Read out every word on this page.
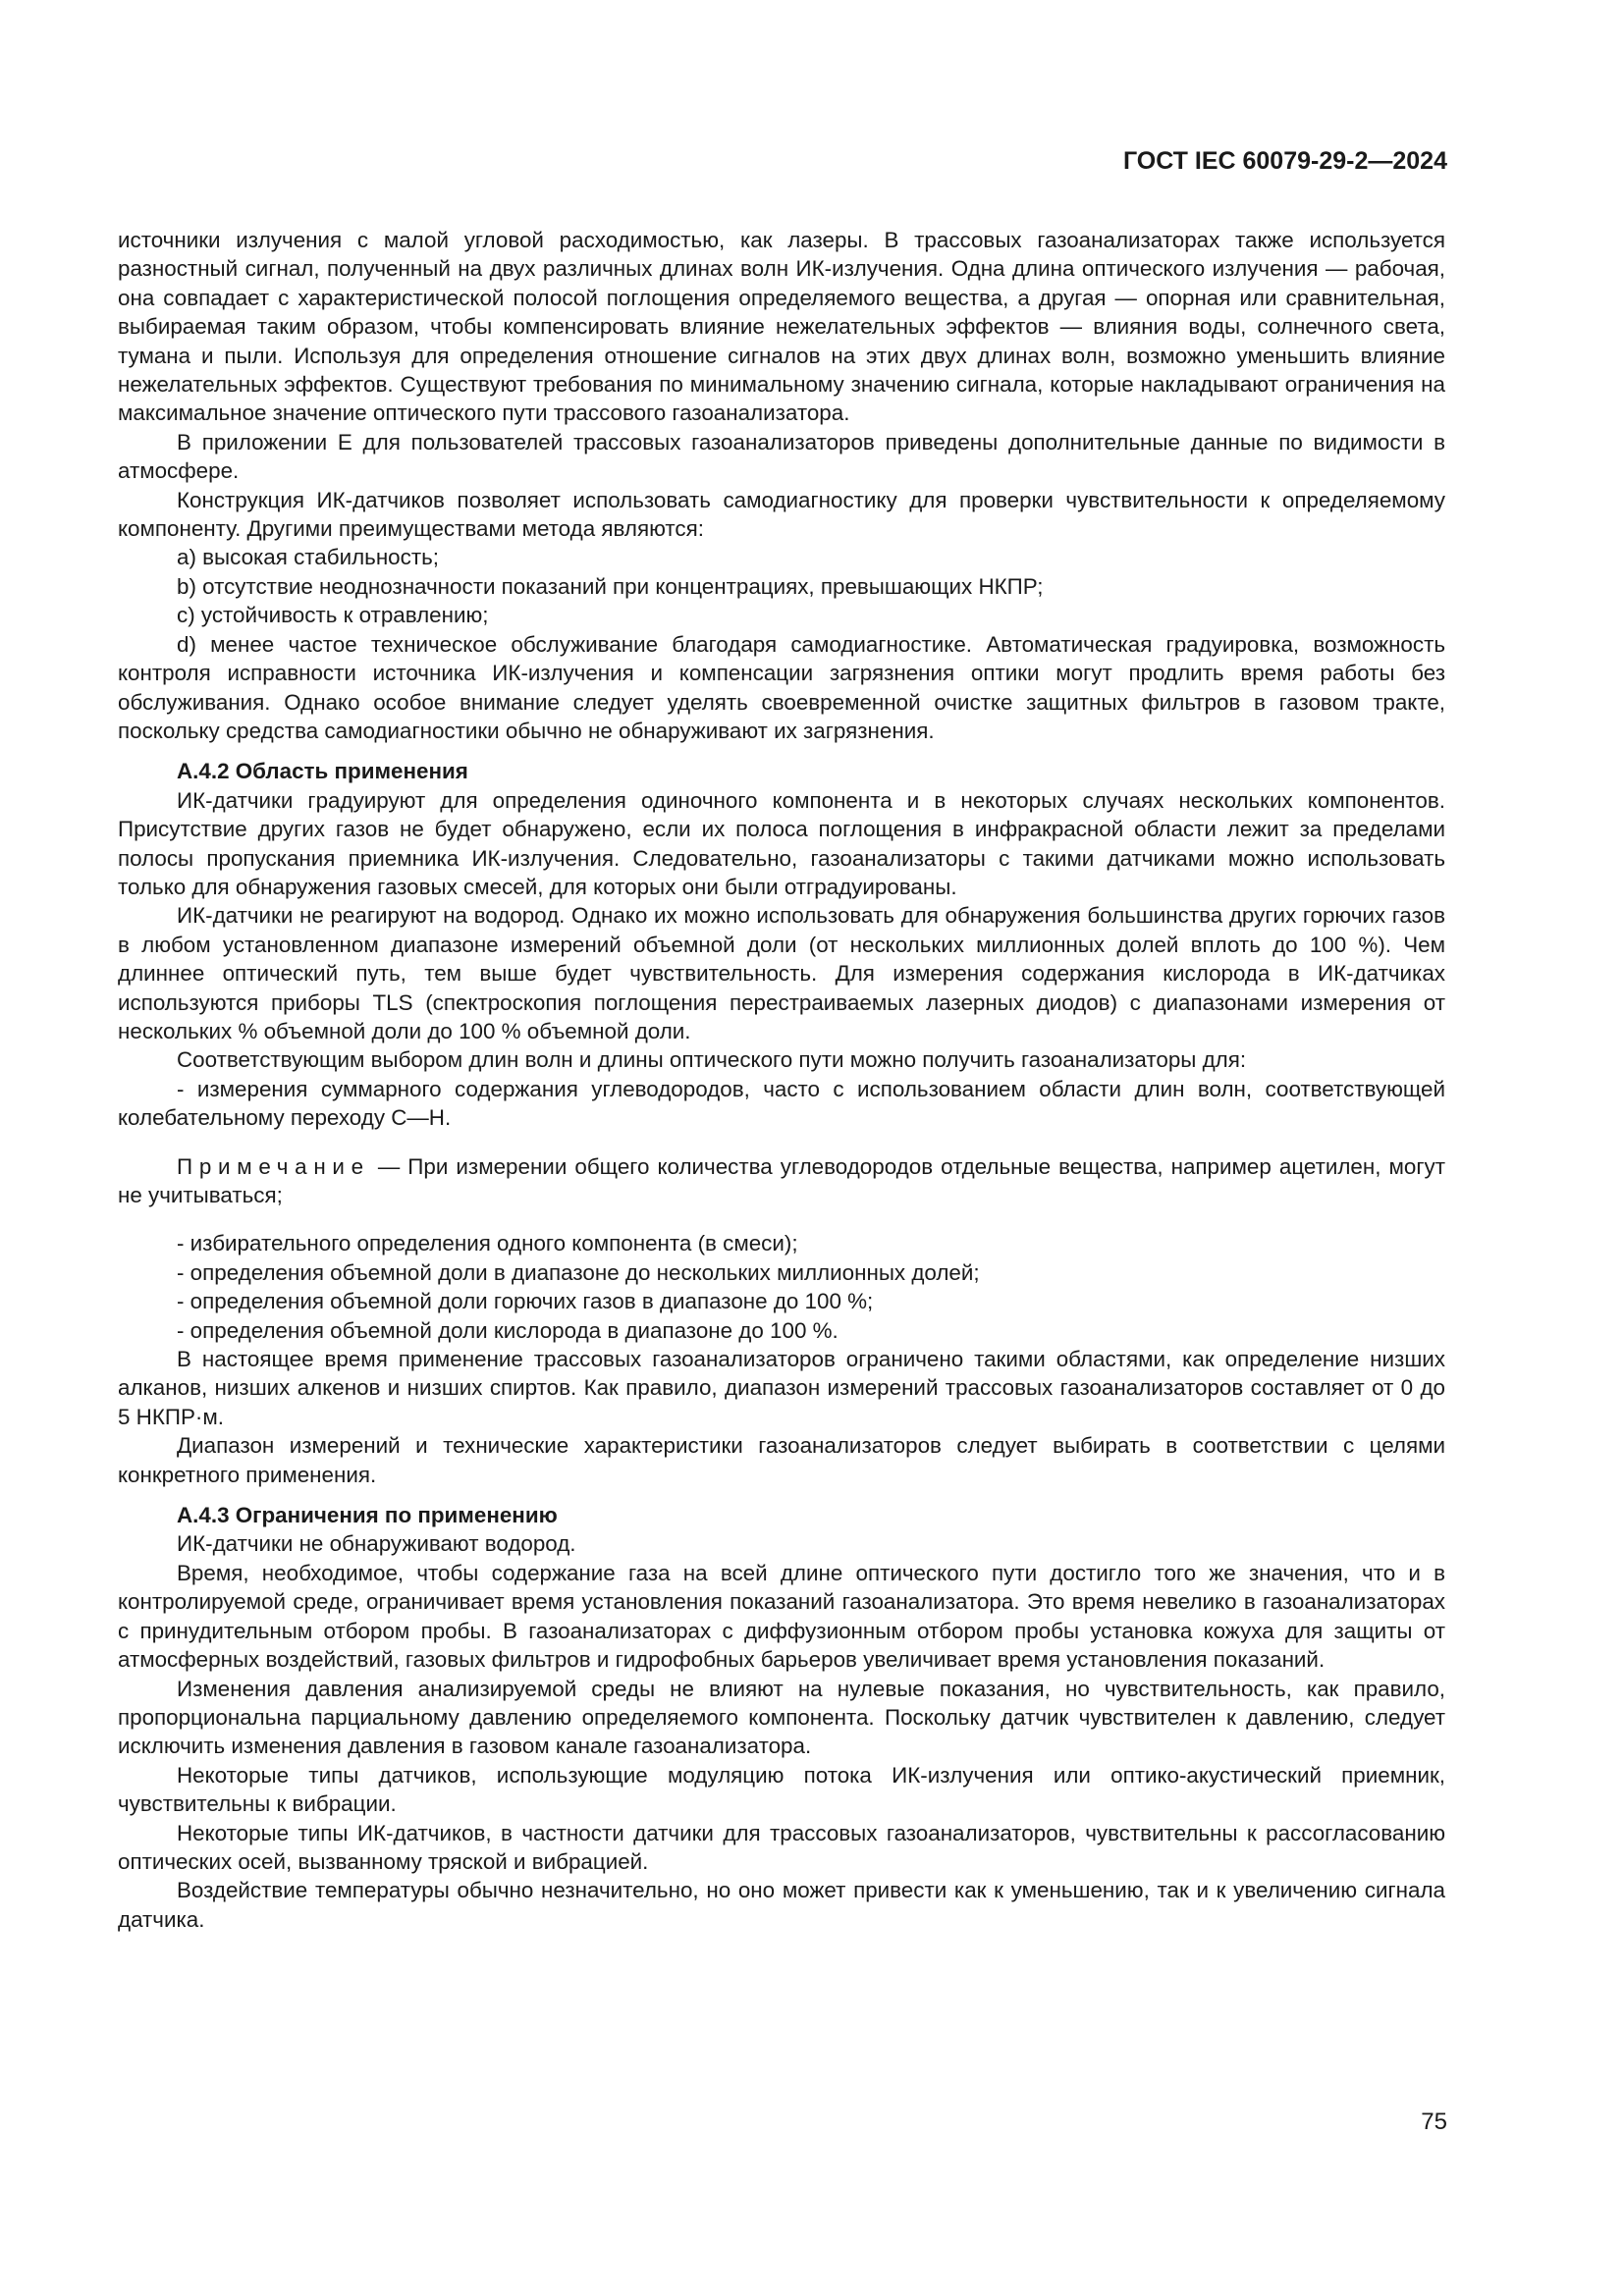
ГОСТ IEC 60079-29-2—2024

источники излучения с малой угловой расходимостью, как лазеры. В трассовых газоанализаторах также используется разностный сигнал, полученный на двух различных длинах волн ИК-излучения. Одна длина оптического излучения — рабочая, она совпадает с характеристической полосой поглощения определяемого вещества, а другая — опорная или сравнительная, выбираемая таким образом, чтобы компенсировать влияние нежелательных эффектов — влияния воды, солнечного света, тумана и пыли. Используя для определения отношение сигналов на этих двух длинах волн, возможно уменьшить влияние нежелательных эффектов. Существуют требования по минимальному значению сигнала, которые накладывают ограничения на максимальное значение оптического пути трассового газоанализатора.

В приложении E для пользователей трассовых газоанализаторов приведены дополнительные данные по видимости в атмосфере.

Конструкция ИК-датчиков позволяет использовать самодиагностику для проверки чувствительности к определяемому компоненту. Другими преимуществами метода являются:

а) высокая стабильность;

b) отсутствие неоднозначности показаний при концентрациях, превышающих НКПР;

с) устойчивость к отравлению;

d) менее частое техническое обслуживание благодаря самодиагностике. Автоматическая градуировка, возможность контроля исправности источника ИК-излучения и компенсации загрязнения оптики могут продлить время работы без обслуживания. Однако особое внимание следует уделять своевременной очистке защитных фильтров в газовом тракте, поскольку средства самодиагностики обычно не обнаруживают их загрязнения.

А.4.2 Область применения

ИК-датчики градуируют для определения одиночного компонента и в некоторых случаях нескольких компонентов. Присутствие других газов не будет обнаружено, если их полоса поглощения в инфракрасной области лежит за пределами полосы пропускания приемника ИК-излучения. Следовательно, газоанализаторы с такими датчиками можно использовать только для обнаружения газовых смесей, для которых они были отградуированы.

ИК-датчики не реагируют на водород. Однако их можно использовать для обнаружения большинства других горючих газов в любом установленном диапазоне измерений объемной доли (от нескольких миллионных долей вплоть до 100 %). Чем длиннее оптический путь, тем выше будет чувствительность. Для измерения содержания кислорода в ИК-датчиках используются приборы TLS (спектроскопия поглощения перестраиваемых лазерных диодов) с диапазонами измерения от нескольких % объемной доли до 100 % объемной доли.

Соответствующим выбором длин волн и длины оптического пути можно получить газоанализаторы для:

- измерения суммарного содержания углеводородов, часто с использованием области длин волн, соответствующей колебательному переходу С—Н.

Примечание — При измерении общего количества углеводородов отдельные вещества, например ацетилен, могут не учитываться;

- избирательного определения одного компонента (в смеси);

- определения объемной доли в диапазоне до нескольких миллионных долей;

- определения объемной доли горючих газов в диапазоне до 100 %;

- определения объемной доли кислорода в диапазоне до 100 %.

В настоящее время применение трассовых газоанализаторов ограничено такими областями, как определение низших алканов, низших алкенов и низших спиртов. Как правило, диапазон измерений трассовых газоанализаторов составляет от 0 до 5 НКПР·м.

Диапазон измерений и технические характеристики газоанализаторов следует выбирать в соответствии с целями конкретного применения.

А.4.3 Ограничения по применению

ИК-датчики не обнаруживают водород.

Время, необходимое, чтобы содержание газа на всей длине оптического пути достигло того же значения, что и в контролируемой среде, ограничивает время установления показаний газоанализатора. Это время невелико в газоанализаторах с принудительным отбором пробы. В газоанализаторах с диффузионным отбором пробы установка кожуха для защиты от атмосферных воздействий, газовых фильтров и гидрофобных барьеров увеличивает время установления показаний.

Изменения давления анализируемой среды не влияют на нулевые показания, но чувствительность, как правило, пропорциональна парциальному давлению определяемого компонента. Поскольку датчик чувствителен к давлению, следует исключить изменения давления в газовом канале газоанализатора.

Некоторые типы датчиков, использующие модуляцию потока ИК-излучения или оптико-акустический приемник, чувствительны к вибрации.

Некоторые типы ИК-датчиков, в частности датчики для трассовых газоанализаторов, чувствительны к рассогласованию оптических осей, вызванному тряской и вибрацией.

Воздействие температуры обычно незначительно, но оно может привести как к уменьшению, так и к увеличению сигнала датчика.

75
